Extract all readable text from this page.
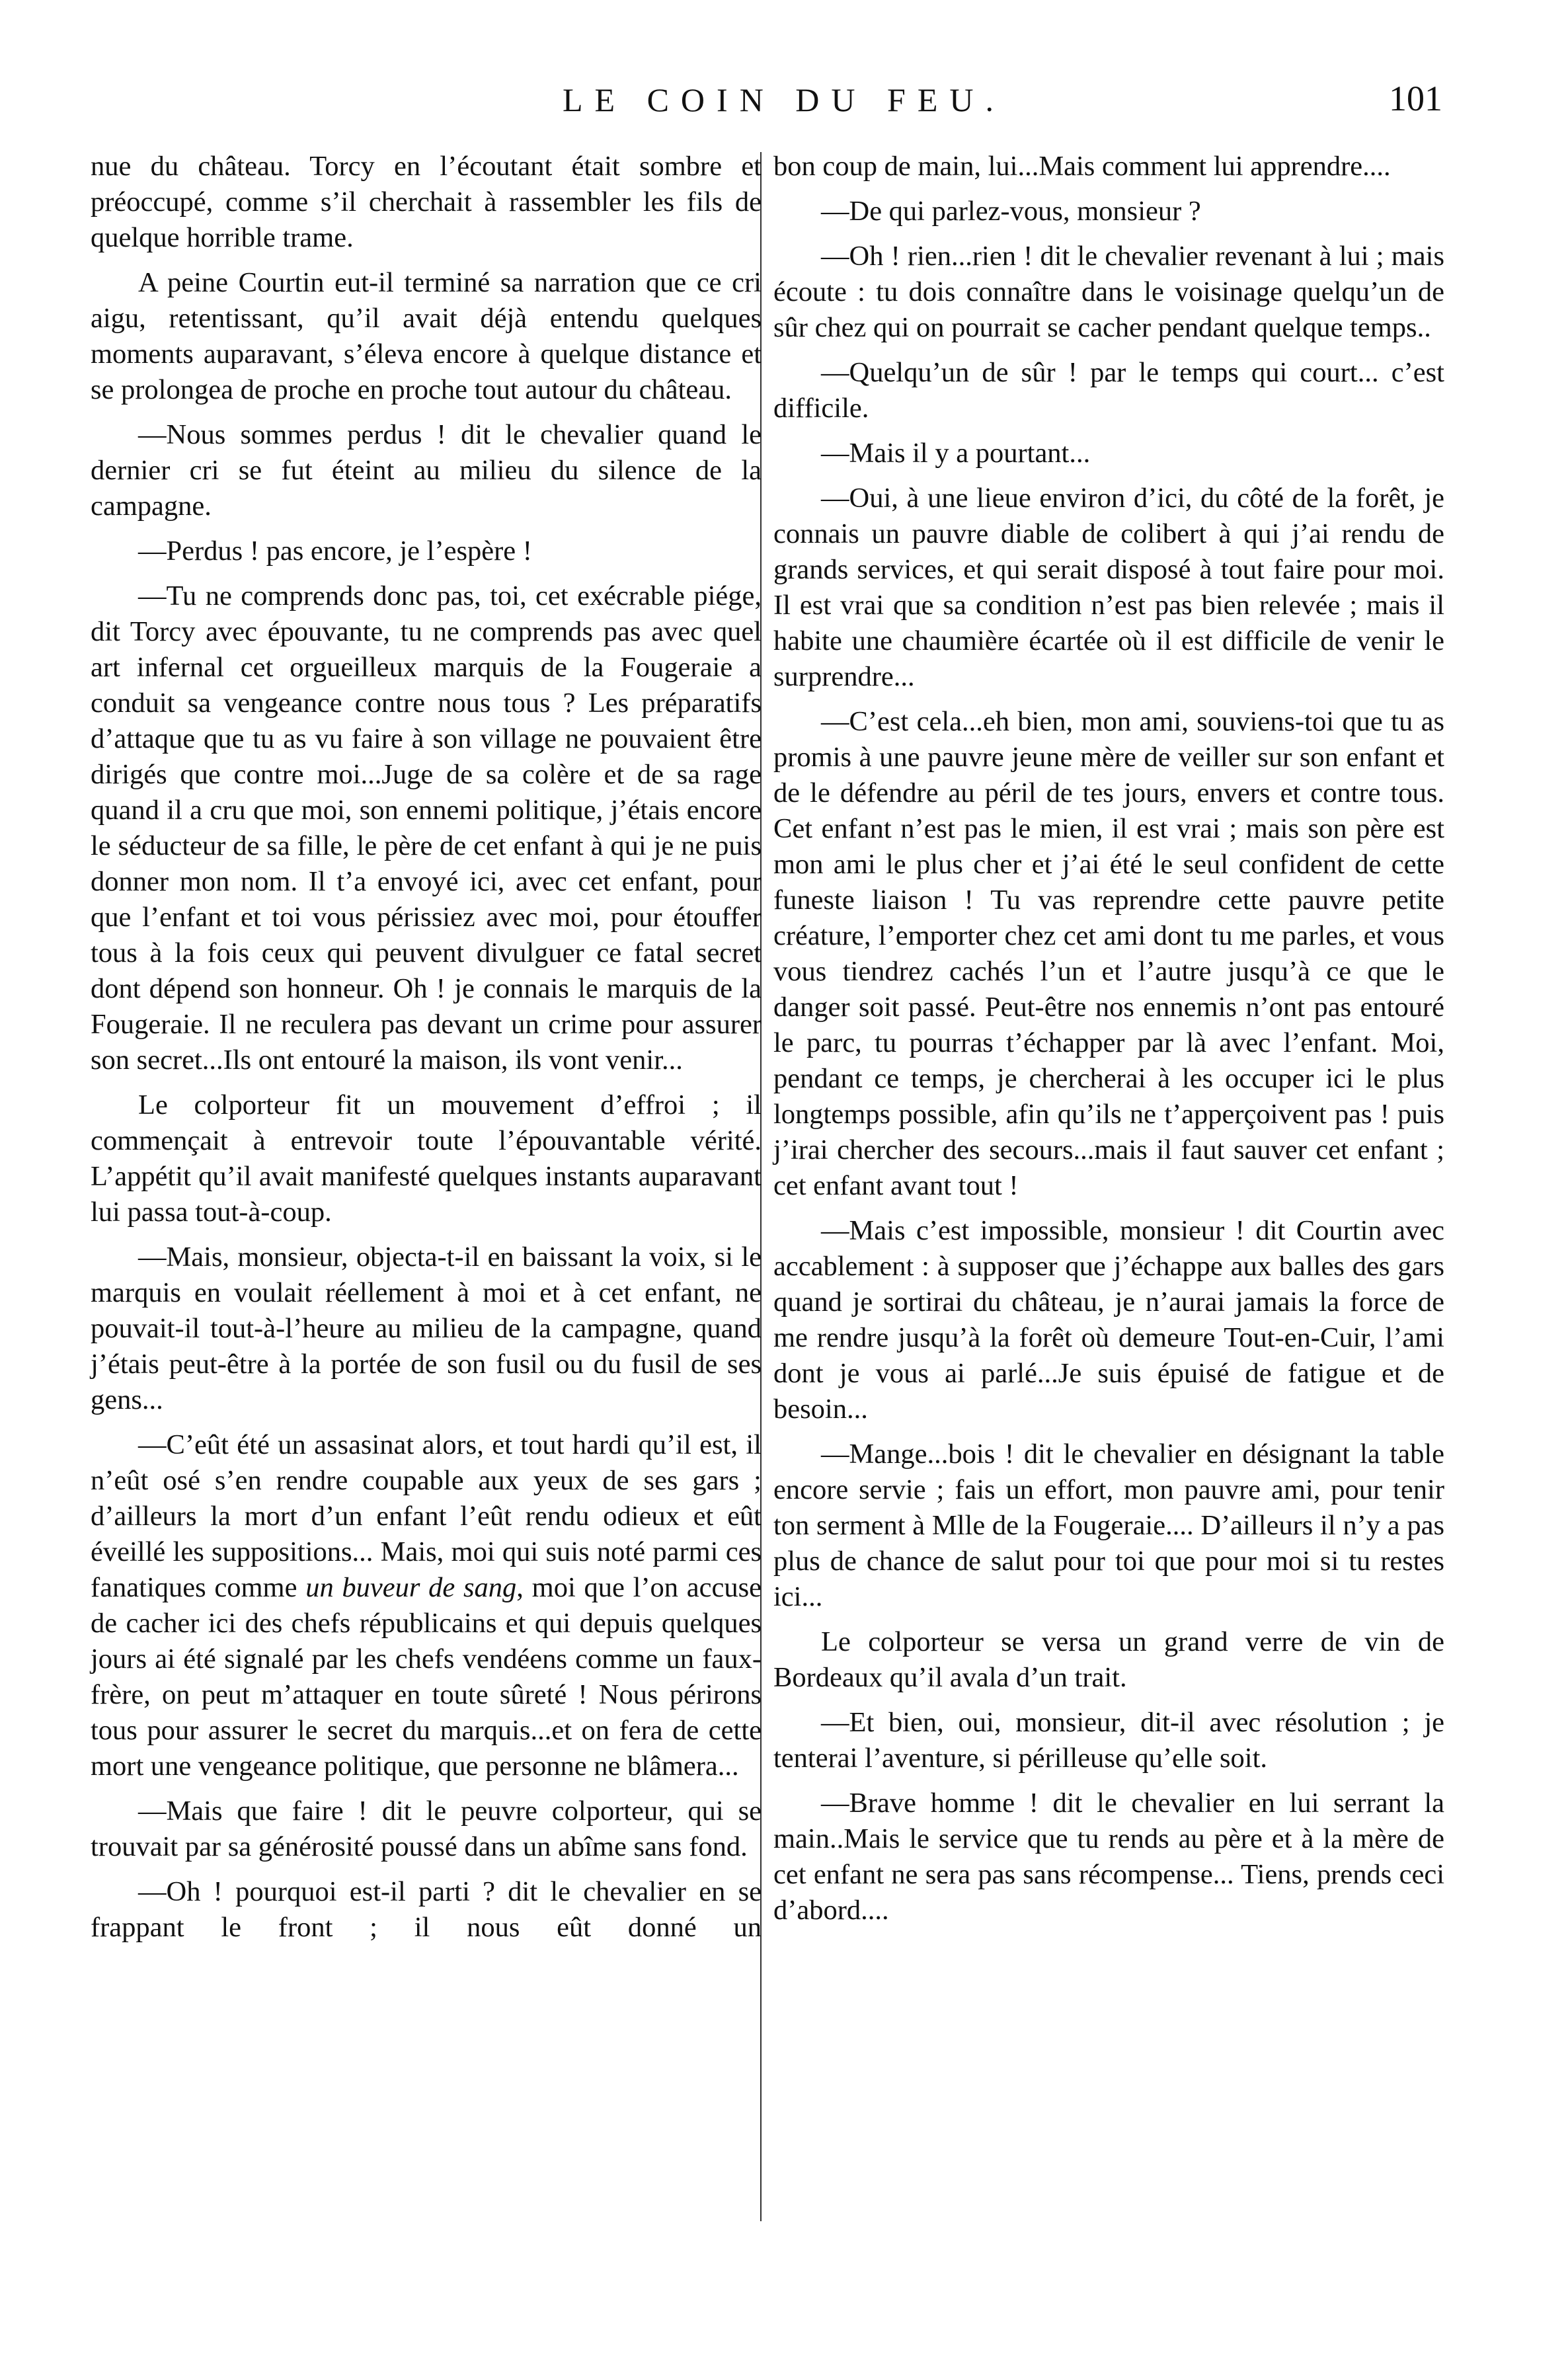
LE COIN DU FEU.	101

nue du château. Torcy en l’écoutant était sombre et préoccupé, comme s’il cherchait à rassembler les fils de quelque horrible trame.

A peine Courtin eut-il terminé sa narration que ce cri aigu, retentissant, qu’il avait déjà entendu quelques moments auparavant, s’éleva encore à quelque distance et se prolongea de proche en proche tout autour du château.

—Nous sommes perdus ! dit le chevalier quand le dernier cri se fut éteint au milieu du silence de la campagne.

—Perdus ! pas encore, je l’espère !

—Tu ne comprends donc pas, toi, cet exécrable piége, dit Torcy avec épouvante, tu ne comprends pas avec quel art infernal cet orgueilleux marquis de la Fougeraie a conduit sa vengeance contre nous tous ? Les préparatifs d’attaque que tu as vu faire à son village ne pouvaient être dirigés que contre moi...Juge de sa colère et de sa rage quand il a cru que moi, son ennemi politique, j’étais encore le séducteur de sa fille, le père de cet enfant à qui je ne puis donner mon nom. Il t’a envoyé ici, avec cet enfant, pour que l’enfant et toi vous périssiez avec moi, pour étouffer tous à la fois ceux qui peuvent divulguer ce fatal secret dont dépend son honneur. Oh ! je connais le marquis de la Fougeraie. Il ne reculera pas devant un crime pour assurer son secret...Ils ont entouré la maison, ils vont venir...

Le colporteur fit un mouvement d’effroi ; il commençait à entrevoir toute l’épouvantable vérité. L’appétit qu’il avait manifesté quelques instants auparavant lui passa tout-à-coup.

—Mais, monsieur, objecta-t-il en baissant la voix, si le marquis en voulait réellement à moi et à cet enfant, ne pouvait-il tout-à-l’heure au milieu de la campagne, quand j’étais peut-être à la portée de son fusil ou du fusil de ses gens...

—C’eût été un assasinat alors, et tout hardi qu’il est, il n’eût osé s’en rendre coupable aux yeux de ses gars ; d’ailleurs la mort d’un enfant l’eût rendu odieux et eût éveillé les suppositions... Mais, moi qui suis noté parmi ces fanatiques comme un buveur de sang, moi que l’on accuse de cacher ici des chefs républicains et qui depuis quelques jours ai été signalé par les chefs vendéens comme un faux-frère, on peut m’attaquer en toute sûreté ! Nous périrons tous pour assurer le secret du marquis...et on fera de cette mort une vengeance politique, que personne ne blâmera...

—Mais que faire ! dit le peuvre colporteur, qui se trouvait par sa générosité poussé dans un abîme sans fond.

—Oh ! pourquoi est-il parti ? dit le chevalier en se frappant le front ; il nous eût donné un

bon coup de main, lui...Mais comment lui apprendre....

—De qui parlez-vous, monsieur ?

—Oh ! rien...rien ! dit le chevalier revenant à lui ; mais écoute : tu dois connaître dans le voisinage quelqu’un de sûr chez qui on pourrait se cacher pendant quelque temps..

—Quelqu’un de sûr ! par le temps qui court... c’est difficile.

—Mais il y a pourtant...

—Oui, à une lieue environ d’ici, du côté de la forêt, je connais un pauvre diable de colibert à qui j’ai rendu de grands services, et qui serait disposé à tout faire pour moi. Il est vrai que sa condition n’est pas bien relevée ; mais il habite une chaumière écartée où il est difficile de venir le surprendre...

—C’est cela...eh bien, mon ami, souviens-toi que tu as promis à une pauvre jeune mère de veiller sur son enfant et de le défendre au péril de tes jours, envers et contre tous. Cet enfant n’est pas le mien, il est vrai ; mais son père est mon ami le plus cher et j’ai été le seul confident de cette funeste liaison ! Tu vas reprendre cette pauvre petite créature, l’emporter chez cet ami dont tu me parles, et vous vous tiendrez cachés l’un et l’autre jusqu’à ce que le danger soit passé. Peut-être nos ennemis n’ont pas entouré le parc, tu pourras t’échapper par là avec l’enfant. Moi, pendant ce temps, je chercherai à les occuper ici le plus longtemps possible, afin qu’ils ne t’apperçoivent pas ! puis j’irai chercher des secours...mais il faut sauver cet enfant ; cet enfant avant tout !

—Mais c’est impossible, monsieur ! dit Courtin avec accablement : à supposer que j’échappe aux balles des gars quand je sortirai du château, je n’aurai jamais la force de me rendre jusqu’à la forêt où demeure Tout-en-Cuir, l’ami dont je vous ai parlé...Je suis épuisé de fatigue et de besoin...

—Mange...bois ! dit le chevalier en désignant la table encore servie ; fais un effort, mon pauvre ami, pour tenir ton serment à Mlle de la Fougeraie.... D’ailleurs il n’y a pas plus de chance de salut pour toi que pour moi si tu restes ici...

Le colporteur se versa un grand verre de vin de Bordeaux qu’il avala d’un trait.

—Et bien, oui, monsieur, dit-il avec résolution ; je tenterai l’aventure, si périlleuse qu’elle soit.

—Brave homme ! dit le chevalier en lui serrant la main..Mais le service que tu rends au père et à la mère de cet enfant ne sera pas sans récompense... Tiens, prends ceci d’abord....
